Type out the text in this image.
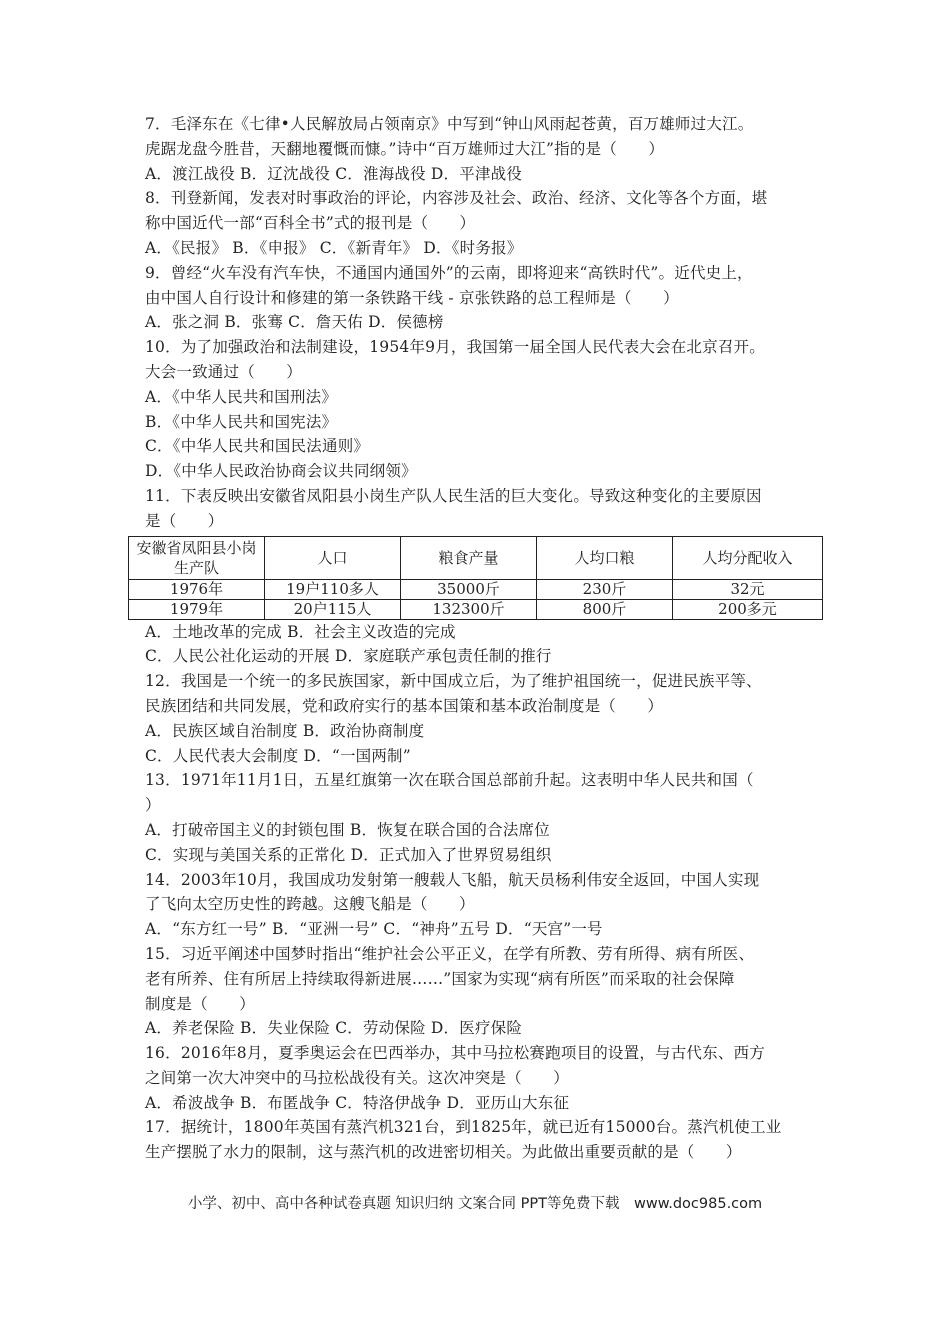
7．毛泽东在《七律•人民解放局占领南京》中写到“钟山风雨起苍黄，百万雄师过大江。
虎踞龙盘今胜昔，天翻地覆慨而慷。”诗中“百万雄师过大江”指的是（　　）
A．渡江战役 B．辽沈战役 C．淮海战役 D．平津战役
8．刊登新闻，发表对时事政治的评论，内容涉及社会、政治、经济、文化等各个方面，堪
称中国近代一部“百科全书”式的报刊是（　　）
A．《民报》 B．《申报》 C．《新青年》 D．《时务报》
9．曾经“火车没有汽车快，不通国内通国外”的云南，即将迎来“高铁时代”。近代史上，
由中国人自行设计和修建的第一条铁路干线 - 京张铁路的总工程师是（　　）
A．张之洞 B．张骞 C．詹天佑 D．侯德榜
10．为了加强政治和法制建设，1954年9月，我国第一届全国人民代表大会在北京召开。
大会一致通过（　　）
A．《中华人民共和国刑法》
B．《中华人民共和国宪法》
C．《中华人民共和国民法通则》
D．《中华人民政治协商会议共同纲领》
11．下表反映出安徽省凤阳县小岗生产队人民生活的巨大变化。导致这种变化的主要原因
是（　　）
安徽省凤阳县小岗生产队	人口	粮食产量	人均口粮	人均分配收入
1976年	19户110多人	35000斤	230斤	32元
1979年	20户115人	132300斤	800斤	200多元
A．土地改革的完成 B．社会主义改造的完成
C．人民公社化运动的开展 D．家庭联产承包责任制的推行
12．我国是一个统一的多民族国家，新中国成立后，为了维护祖国统一，促进民族平等、
民族团结和共同发展，党和政府实行的基本国策和基本政治制度是（　　）
A．民族区域自治制度 B．政治协商制度
C．人民代表大会制度 D．“一国两制”
13．1971年11月1日，五星红旗第一次在联合国总部前升起。这表明中华人民共和国（
）
A．打破帝国主义的封锁包围 B．恢复在联合国的合法席位
C．实现与美国关系的正常化 D．正式加入了世界贸易组织
14．2003年10月，我国成功发射第一艘载人飞船，航天员杨利伟安全返回，中国人实现
了飞向太空历史性的跨越。这艘飞船是（　　）
A．“东方红一号” B．“亚洲一号” C．“神舟”五号 D．“天宫”一号
15．习近平阐述中国梦时指出“维护社会公平正义，在学有所教、劳有所得、病有所医、
老有所养、住有所居上持续取得新进展……”国家为实现“病有所医”而采取的社会保障
制度是（　　）
A．养老保险 B．失业保险 C．劳动保险 D．医疗保险
16．2016年8月，夏季奥运会在巴西举办，其中马拉松赛跑项目的设置，与古代东、西方
之间第一次大冲突中的马拉松战役有关。这次冲突是（　　）
A．希波战争 B．布匿战争 C．特洛伊战争 D．亚历山大东征
17．据统计，1800年英国有蒸汽机321台，到1825年，就已近有15000台。蒸汽机使工业
生产摆脱了水力的限制，这与蒸汽机的改进密切相关。为此做出重要贡献的是（　　）
小学、初中、高中各种试卷真题 知识归纳 文案合同 PPT等免费下载　www.doc985.com
